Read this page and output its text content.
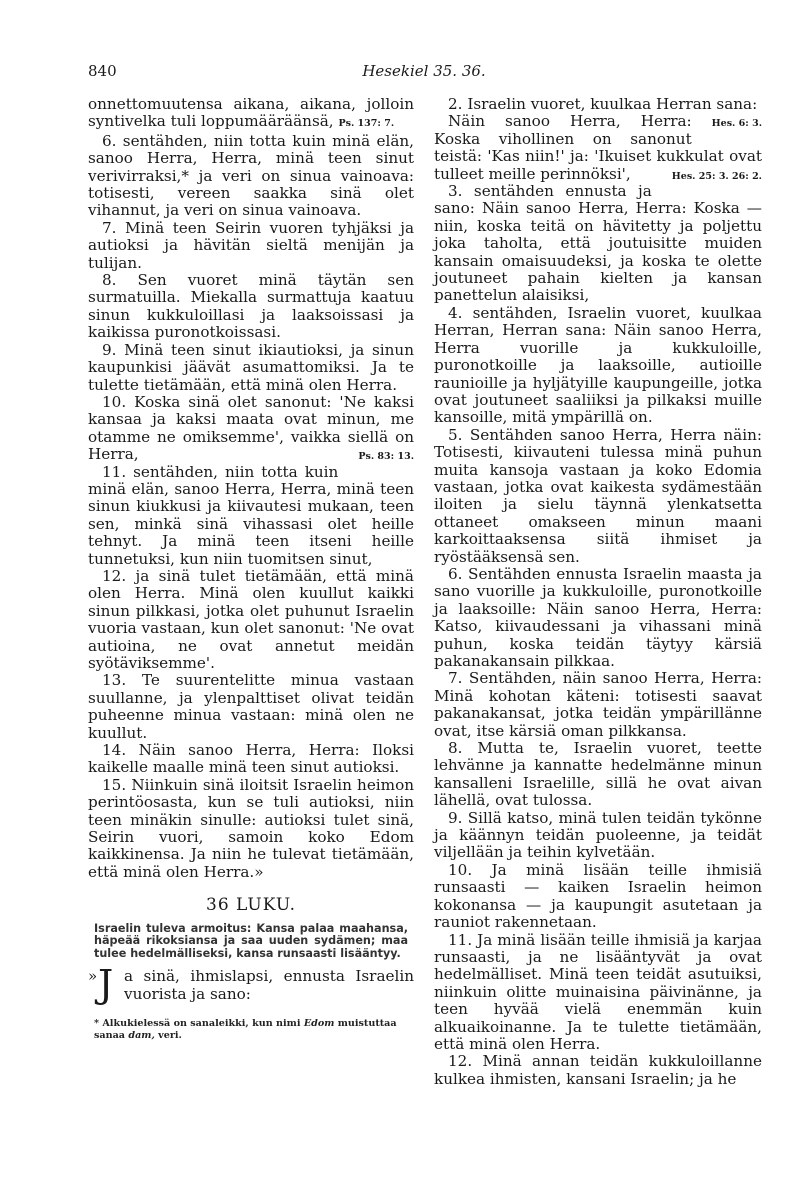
840	Hesekiel 35. 36.

onnettomuutensa aikana, aikana, jolloin syntivelka tuli loppumääräänsä, Ps. 137: 7.

6. sentähden, niin totta kuin minä elän, sanoo Herra, Herra, minä teen sinut verivirraksi,* ja veri on sinua vainoava: totisesti, vereen saakka sinä olet vihannut, ja veri on sinua vainoava.

7. Minä teen Seirin vuoren tyhjäksi ja autioksi ja hävitän sieltä menijän ja tulijan.

8. Sen vuoret minä täytän sen surmatuilla. Miekalla surmattuja kaatuu sinun kukkuloillasi ja laaksoissasi ja kaikissa puronotkoissasi.

9. Minä teen sinut ikiautioksi, ja sinun kaupunkisi jäävät asumattomiksi. Ja te tulette tietämään, että minä olen Herra.

10. Koska sinä olet sanonut: 'Ne kaksi kansaa ja kaksi maata ovat minun, me otamme ne omiksemme', vaikka siellä on Herra,	Ps. 83: 13.

11. sentähden, niin totta kuin minä elän, sanoo Herra, Herra, minä teen sinun kiukkusi ja kiivautesi mukaan, teen sen, minkä sinä vihassasi olet heille tehnyt. Ja minä teen itseni heille tunnetuksi, kun niin tuomitsen sinut,

12. ja sinä tulet tietämään, että minä olen Herra. Minä olen kuullut kaikki sinun pilkkasi, jotka olet puhunut Israelin vuoria vastaan, kun olet sanonut: 'Ne ovat autioina, ne ovat annetut meidän syötäviksemme'.

13. Te suurentelitte minua vastaan suullanne, ja ylenpalttiset olivat teidän puheenne minua vastaan: minä olen ne kuullut.

14. Näin sanoo Herra, Herra: Iloksi kaikelle maalle minä teen sinut autioksi.

15. Niinkuin sinä iloitsit Israelin heimon perintöosasta, kun se tuli autioksi, niin teen minäkin sinulle: autioksi tulet sinä, Seirin vuori, samoin koko Edom kaikkinensa. Ja niin he tulevat tietämään, että minä olen Herra.»

36 LUKU.
Israelin tuleva armoitus: Kansa palaa maahansa, häpeää rikoksiansa ja saa uuden sydämen; maa tulee hedelmälliseksi, kansa runsaasti lisääntyy.
» J a sinä, ihmislapsi, ennusta Israelin vuorista ja sano:
* Alkukielessä on sanaleikki, kun nimi Edom muistuttaa sanaa dam, veri.

2. Israelin vuoret, kuulkaa Herran sana:
Hes. 6: 3.

Näin sanoo Herra, Herra: Koska vihollinen on sanonut teistä: 'Kas niin!' ja: 'Ikuiset kukkulat ovat tulleet meille perinnöksi',	Hes. 25: 3. 26: 2.

3. sentähden ennusta ja sano: Näin sanoo Herra, Herra: Koska — niin, koska teitä on hävitetty ja poljettu joka taholta, että joutuisitte muiden kansain omaisuudeksi, ja koska te olette joutuneet pahain kielten ja kansan panettelun alaisiksi,

4. sentähden, Israelin vuoret, kuulkaa Herran, Herran sana: Näin sanoo Herra, Herra vuorille ja kukkuloille, puronotkoille ja laaksoille, autioille raunioille ja hyljätyille kaupungeille, jotka ovat joutuneet saaliiksi ja pilkaksi muille kansoille, mitä ympärillä on.

5. Sentähden sanoo Herra, Herra näin: Totisesti, kiivauteni tulessa minä puhun muita kansoja vastaan ja koko Edomia vastaan, jotka ovat kaikesta sydämestään iloiten ja sielu täynnä ylenkatsetta ottaneet omakseen minun maani karkoittaaksensa siitä ihmiset ja ryöstääksensä sen.

6. Sentähden ennusta Israelin maasta ja sano vuorille ja kukkuloille, puronotkoille ja laaksoille: Näin sanoo Herra, Herra: Katso, kiivaudessani ja vihassani minä puhun, koska teidän täytyy kärsiä pakanakansain pilkkaa.

7. Sentähden, näin sanoo Herra, Herra: Minä kohotan käteni: totisesti saavat pakanakansat, jotka teidän ympärillänne ovat, itse kärsiä oman pilkkansa.

8. Mutta te, Israelin vuoret, teette lehvänne ja kannatte hedelmänne minun kansalleni Israelille, sillä he ovat aivan lähellä, ovat tulossa.

9. Sillä katso, minä tulen teidän tykönne ja käännyn teidän puoleenne, ja teidät viljellään ja teihin kylvetään.

10. Ja minä lisään teille ihmisiä runsaasti — kaiken Israelin heimon kokonansa — ja kaupungit asutetaan ja rauniot rakennetaan.

11. Ja minä lisään teille ihmisiä ja karjaa runsaasti, ja ne lisääntyvät ja ovat hedelmälliset. Minä teen teidät asutuiksi, niinkuin olitte muinaisina päivinänne, ja teen hyvää vielä enemmän kuin alkuaikoinanne. Ja te tulette tietämään, että minä olen Herra.

12. Minä annan teidän kukkuloillanne kulkea ihmisten, kansani Israelin; ja he
